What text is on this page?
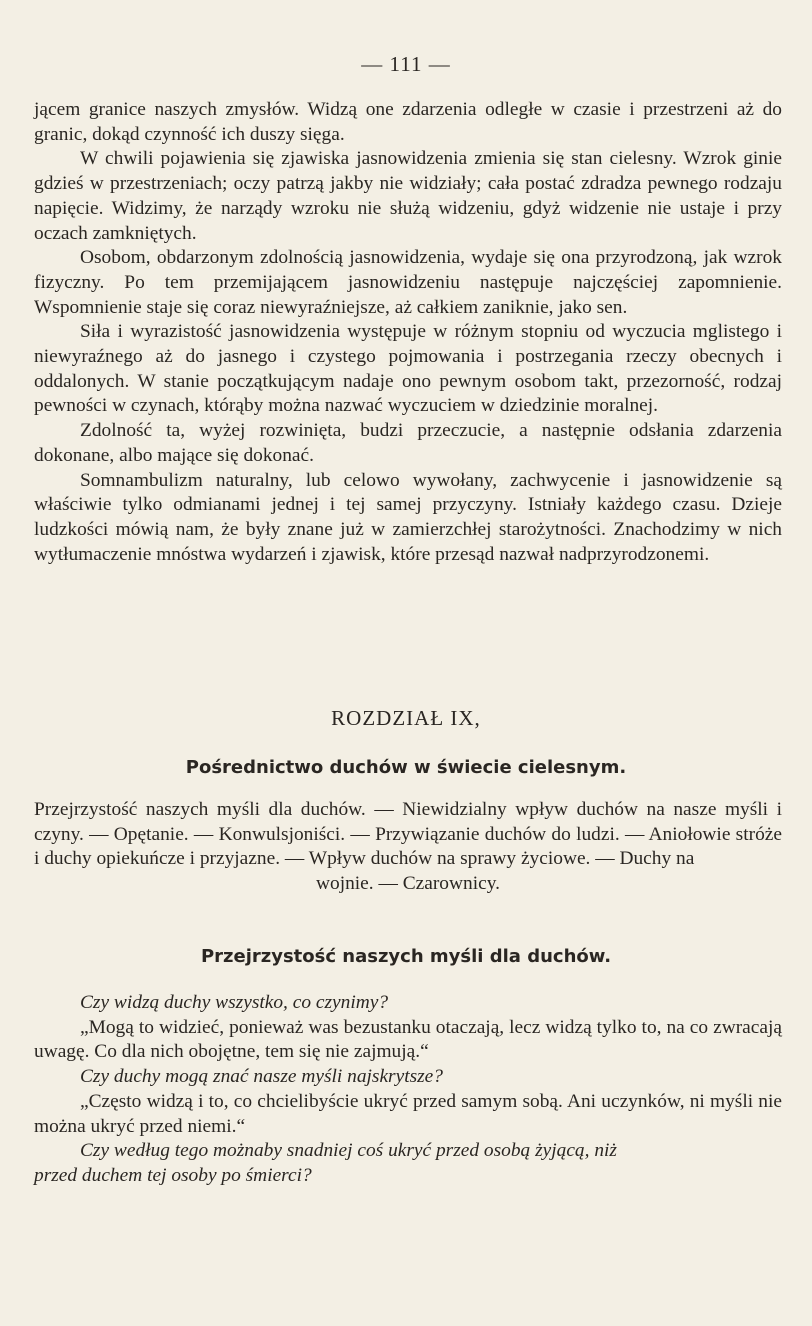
— 111 —

jącem granice naszych zmysłów. Widzą one zdarzenia odległe w czasie i przestrzeni aż do granic, dokąd czynność ich duszy sięga.

W chwili pojawienia się zjawiska jasnowidzenia zmienia się stan cielesny. Wzrok ginie gdzieś w przestrzeniach; oczy patrzą jakby nie widziały; cała postać zdradza pewnego rodzaju napięcie. Widzimy, że narządy wzroku nie służą widzeniu, gdyż widzenie nie ustaje i przy oczach zamkniętych.

Osobom, obdarzonym zdolnością jasnowidzenia, wydaje się ona przyrodzoną, jak wzrok fizyczny. Po tem przemijającem jasnowidzeniu następuje najczęściej zapomnienie. Wspomnienie staje się coraz niewyraźniejsze, aż całkiem zaniknie, jako sen.

Siła i wyrazistość jasnowidzenia występuje w różnym stopniu od wyczucia mglistego i niewyraźnego aż do jasnego i czystego pojmowania i postrzegania rzeczy obecnych i oddalonych. W stanie początkującym nadaje ono pewnym osobom takt, przezorność, rodzaj pewności w czynach, którąby można nazwać wyczuciem w dziedzinie moralnej.

Zdolność ta, wyżej rozwinięta, budzi przeczucie, a następnie odsłania zdarzenia dokonane, albo mające się dokonać.

Somnambulizm naturalny, lub celowo wywołany, zachwycenie i jasnowidzenie są właściwie tylko odmianami jednej i tej samej przyczyny. Istniały każdego czasu. Dzieje ludzkości mówią nam, że były znane już w zamierzchłej starożytności. Znachodzimy w nich wytłumaczenie mnóstwa wydarzeń i zjawisk, które przesąd nazwał nadprzyrodzonemi.

ROZDZIAŁ IX,
Pośrednictwo duchów w świecie cielesnym.

Przejrzystość naszych myśli dla duchów. — Niewidzialny wpływ duchów na nasze myśli i czyny. — Opętanie. — Konwulsjoniści. — Przywiązanie duchów do ludzi. — Aniołowie stróże i duchy opiekuńcze i przyjazne. — Wpływ duchów na sprawy życiowe. — Duchy na

wojnie. — Czarownicy.

Przejrzystość naszych myśli dla duchów.

Czy widzą duchy wszystko, co czynimy?

„Mogą to widzieć, ponieważ was bezustanku otaczają, lecz widzą tylko to, na co zwracają uwagę. Co dla nich obojętne, tem się nie zajmują.“

Czy duchy mogą znać nasze myśli najskrytsze?

„Często widzą i to, co chcielibyście ukryć przed samym sobą. Ani uczynków, ni myśli nie można ukryć przed niemi.“

Czy według tego możnaby snadniej coś ukryć przed osobą żyjącą, niż

przed duchem tej osoby po śmierci?
